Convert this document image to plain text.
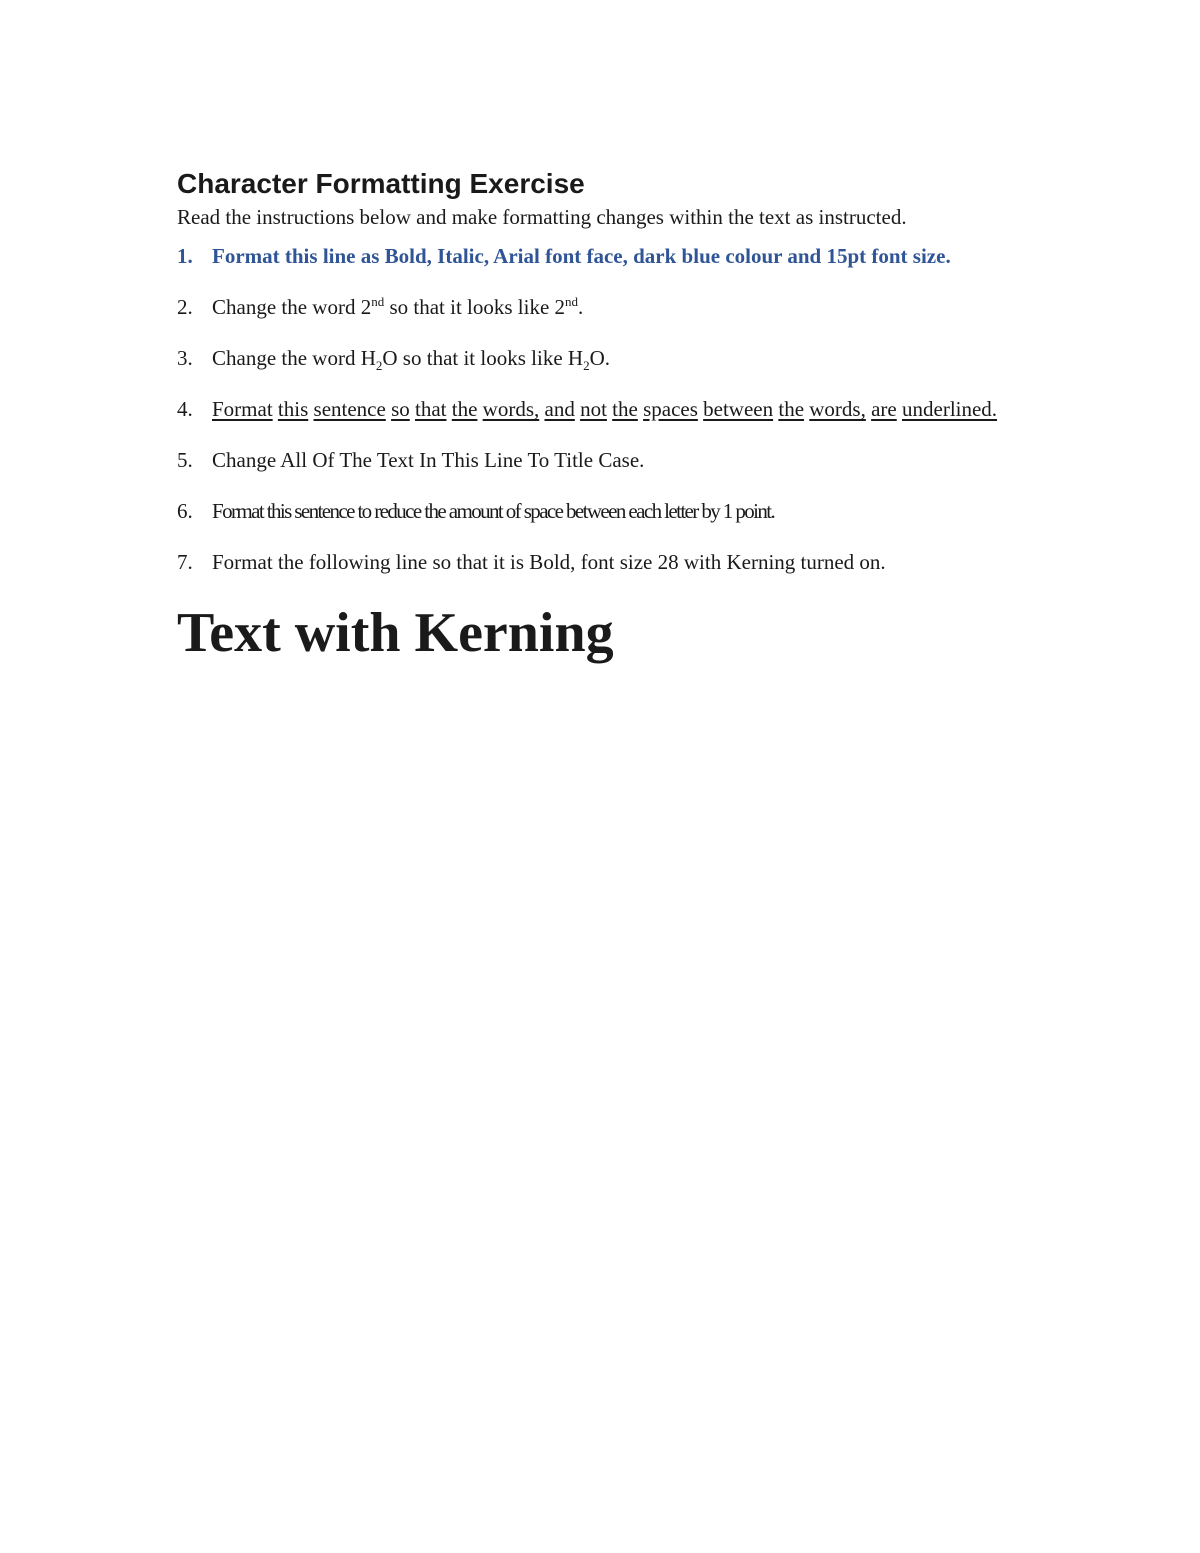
Character Formatting Exercise

Read the instructions below and make formatting changes within the text as instructed.

1. Format this line as Bold, Italic, Arial font face, dark blue colour and 15pt font size.
2. Change the word 2nd so that it looks like 2nd.
3. Change the word $H_2O$ so that it looks like $H_2O$.
4. Format this sentence so that the words, and not the spaces between the words, are underlined.
5. Change All Of The Text In This Line To Title Case.
6. Format this sentence to reduce the amount of space between each letter by 1 point.
7. Format the following line so that it is Bold, font size 28 with Kerning turned on.

Text with Kerning
